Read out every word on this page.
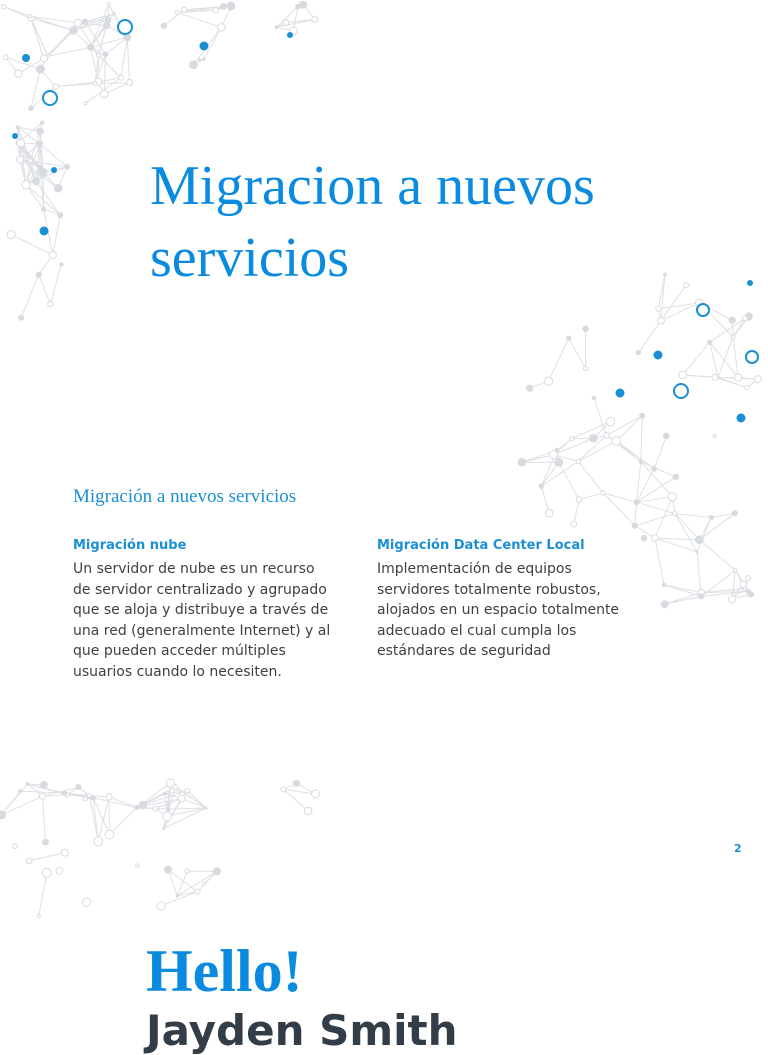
Migracion a nuevos servicios
Migración a nuevos servicios

Migración nube

Un servidor de nube es un recurso de servidor centralizado y agrupado que se aloja y distribuye a través de una red (generalmente Internet) y al que pueden acceder múltiples usuarios cuando lo necesiten.

Migración Data Center Local

Implementación de equipos servidores totalmente robustos, alojados en un espacio totalmente adecuado el cual cumpla los estándares de seguridad

2
Hello!

Jayden Smith
